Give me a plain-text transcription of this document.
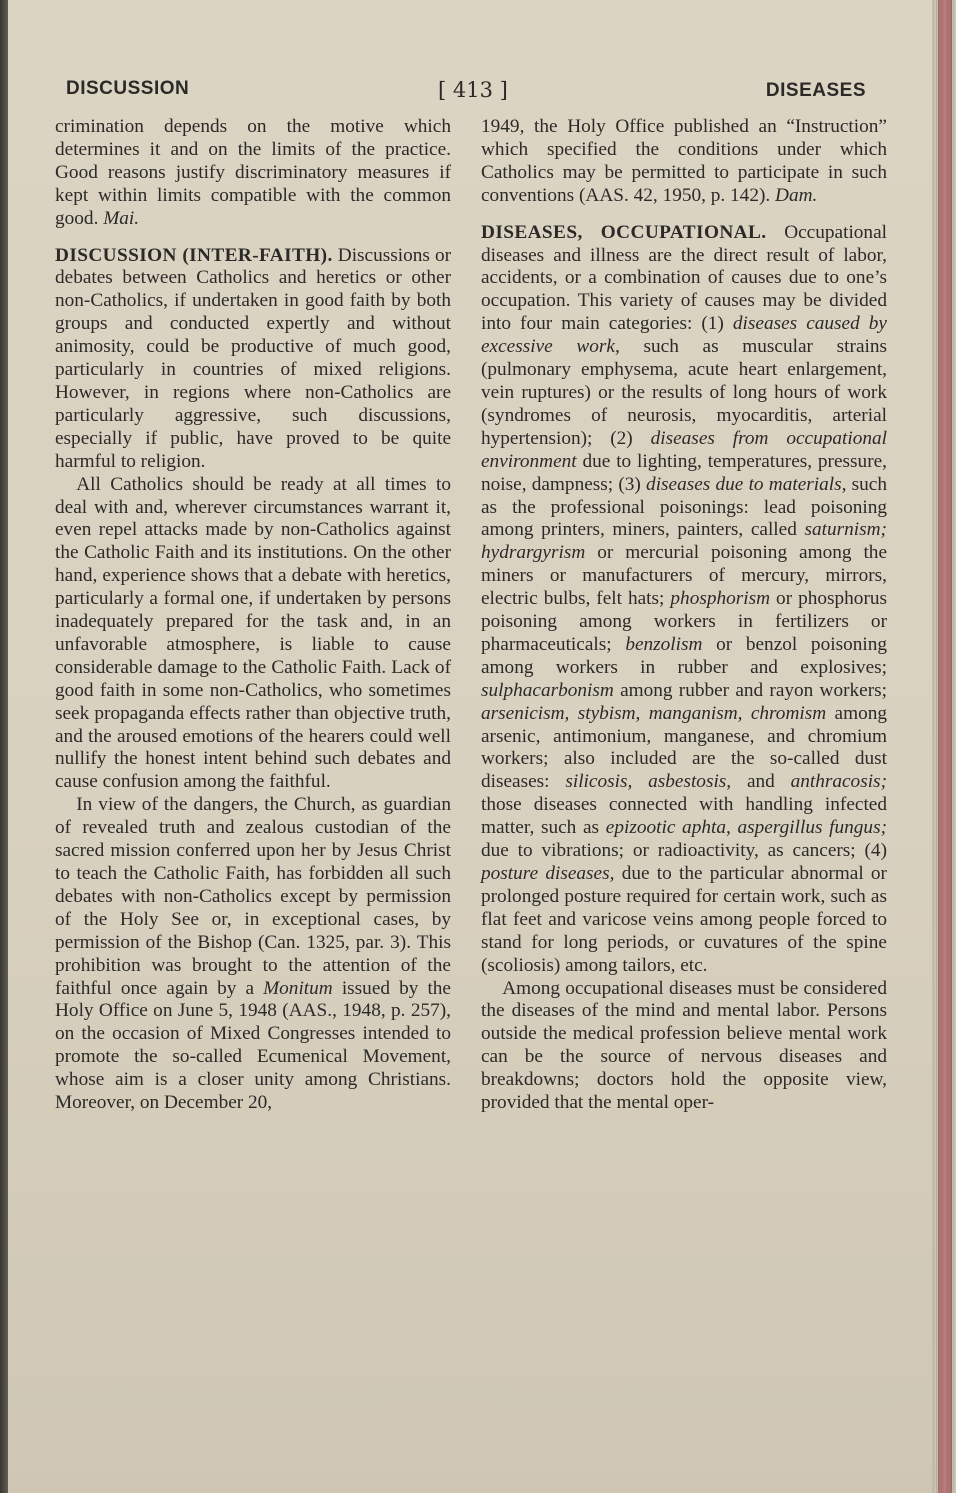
DISCUSSION	[ 413 ]	DISEASES

crimination depends on the motive which determines it and on the limits of the practice. Good reasons justify discriminatory measures if kept within limits compatible with the common good. Mai.

DISCUSSION (INTER-FAITH). Discussions or debates between Catholics and heretics or other non-Catholics, if undertaken in good faith by both groups and conducted expertly and without animosity, could be productive of much good, particularly in countries of mixed religions. However, in regions where non-Catholics are particularly aggressive, such discussions, especially if public, have proved to be quite harmful to religion.

All Catholics should be ready at all times to deal with and, wherever circumstances warrant it, even repel attacks made by non-Catholics against the Catholic Faith and its institutions. On the other hand, experience shows that a debate with heretics, particularly a formal one, if undertaken by persons inadequately prepared for the task and, in an unfavorable atmosphere, is liable to cause considerable damage to the Catholic Faith. Lack of good faith in some non-Catholics, who sometimes seek propaganda effects rather than objective truth, and the aroused emotions of the hearers could well nullify the honest intent behind such debates and cause confusion among the faithful.

In view of the dangers, the Church, as guardian of revealed truth and zealous custodian of the sacred mission conferred upon her by Jesus Christ to teach the Catholic Faith, has forbidden all such debates with non-Catholics except by permission of the Holy See or, in exceptional cases, by permission of the Bishop (Can. 1325, par. 3). This prohibition was brought to the attention of the faithful once again by a Monitum issued by the Holy Office on June 5, 1948 (AAS., 1948, p. 257), on the occasion of Mixed Congresses intended to promote the so-called Ecumenical Movement, whose aim is a closer unity among Christians. Moreover, on December 20,

1949, the Holy Office published an “Instruction” which specified the conditions under which Catholics may be permitted to participate in such conventions (AAS. 42, 1950, p. 142). Dam.

DISEASES, OCCUPATIONAL. Occupational diseases and illness are the direct result of labor, accidents, or a combination of causes due to one’s occupation. This variety of causes may be divided into four main categories: (1) diseases caused by excessive work, such as muscular strains (pulmonary emphysema, acute heart enlargement, vein ruptures) or the results of long hours of work (syndromes of neurosis, myocarditis, arterial hypertension); (2) diseases from occupational environment due to lighting, temperatures, pressure, noise, dampness; (3) diseases due to materials, such as the professional poisonings: lead poisoning among printers, miners, painters, called saturnism; hydrargyrism or mercurial poisoning among the miners or manufacturers of mercury, mirrors, electric bulbs, felt hats; phosphorism or phosphorus poisoning among workers in fertilizers or pharmaceuticals; benzolism or benzol poisoning among workers in rubber and explosives; sulphacarbonism among rubber and rayon workers; arsenicism, stybism, manganism, chromism among arsenic, antimonium, manganese, and chromium workers; also included are the so-called dust diseases: silicosis, asbestosis, and anthracosis; those diseases connected with handling infected matter, such as epizootic aphta, aspergillus fungus; due to vibrations; or radioactivity, as cancers; (4) posture diseases, due to the particular abnormal or prolonged posture required for certain work, such as flat feet and varicose veins among people forced to stand for long periods, or cuvatures of the spine (scoliosis) among tailors, etc.

Among occupational diseases must be considered the diseases of the mind and mental labor. Persons outside the medical profession believe mental work can be the source of nervous diseases and breakdowns; doctors hold the opposite view, provided that the mental oper-
